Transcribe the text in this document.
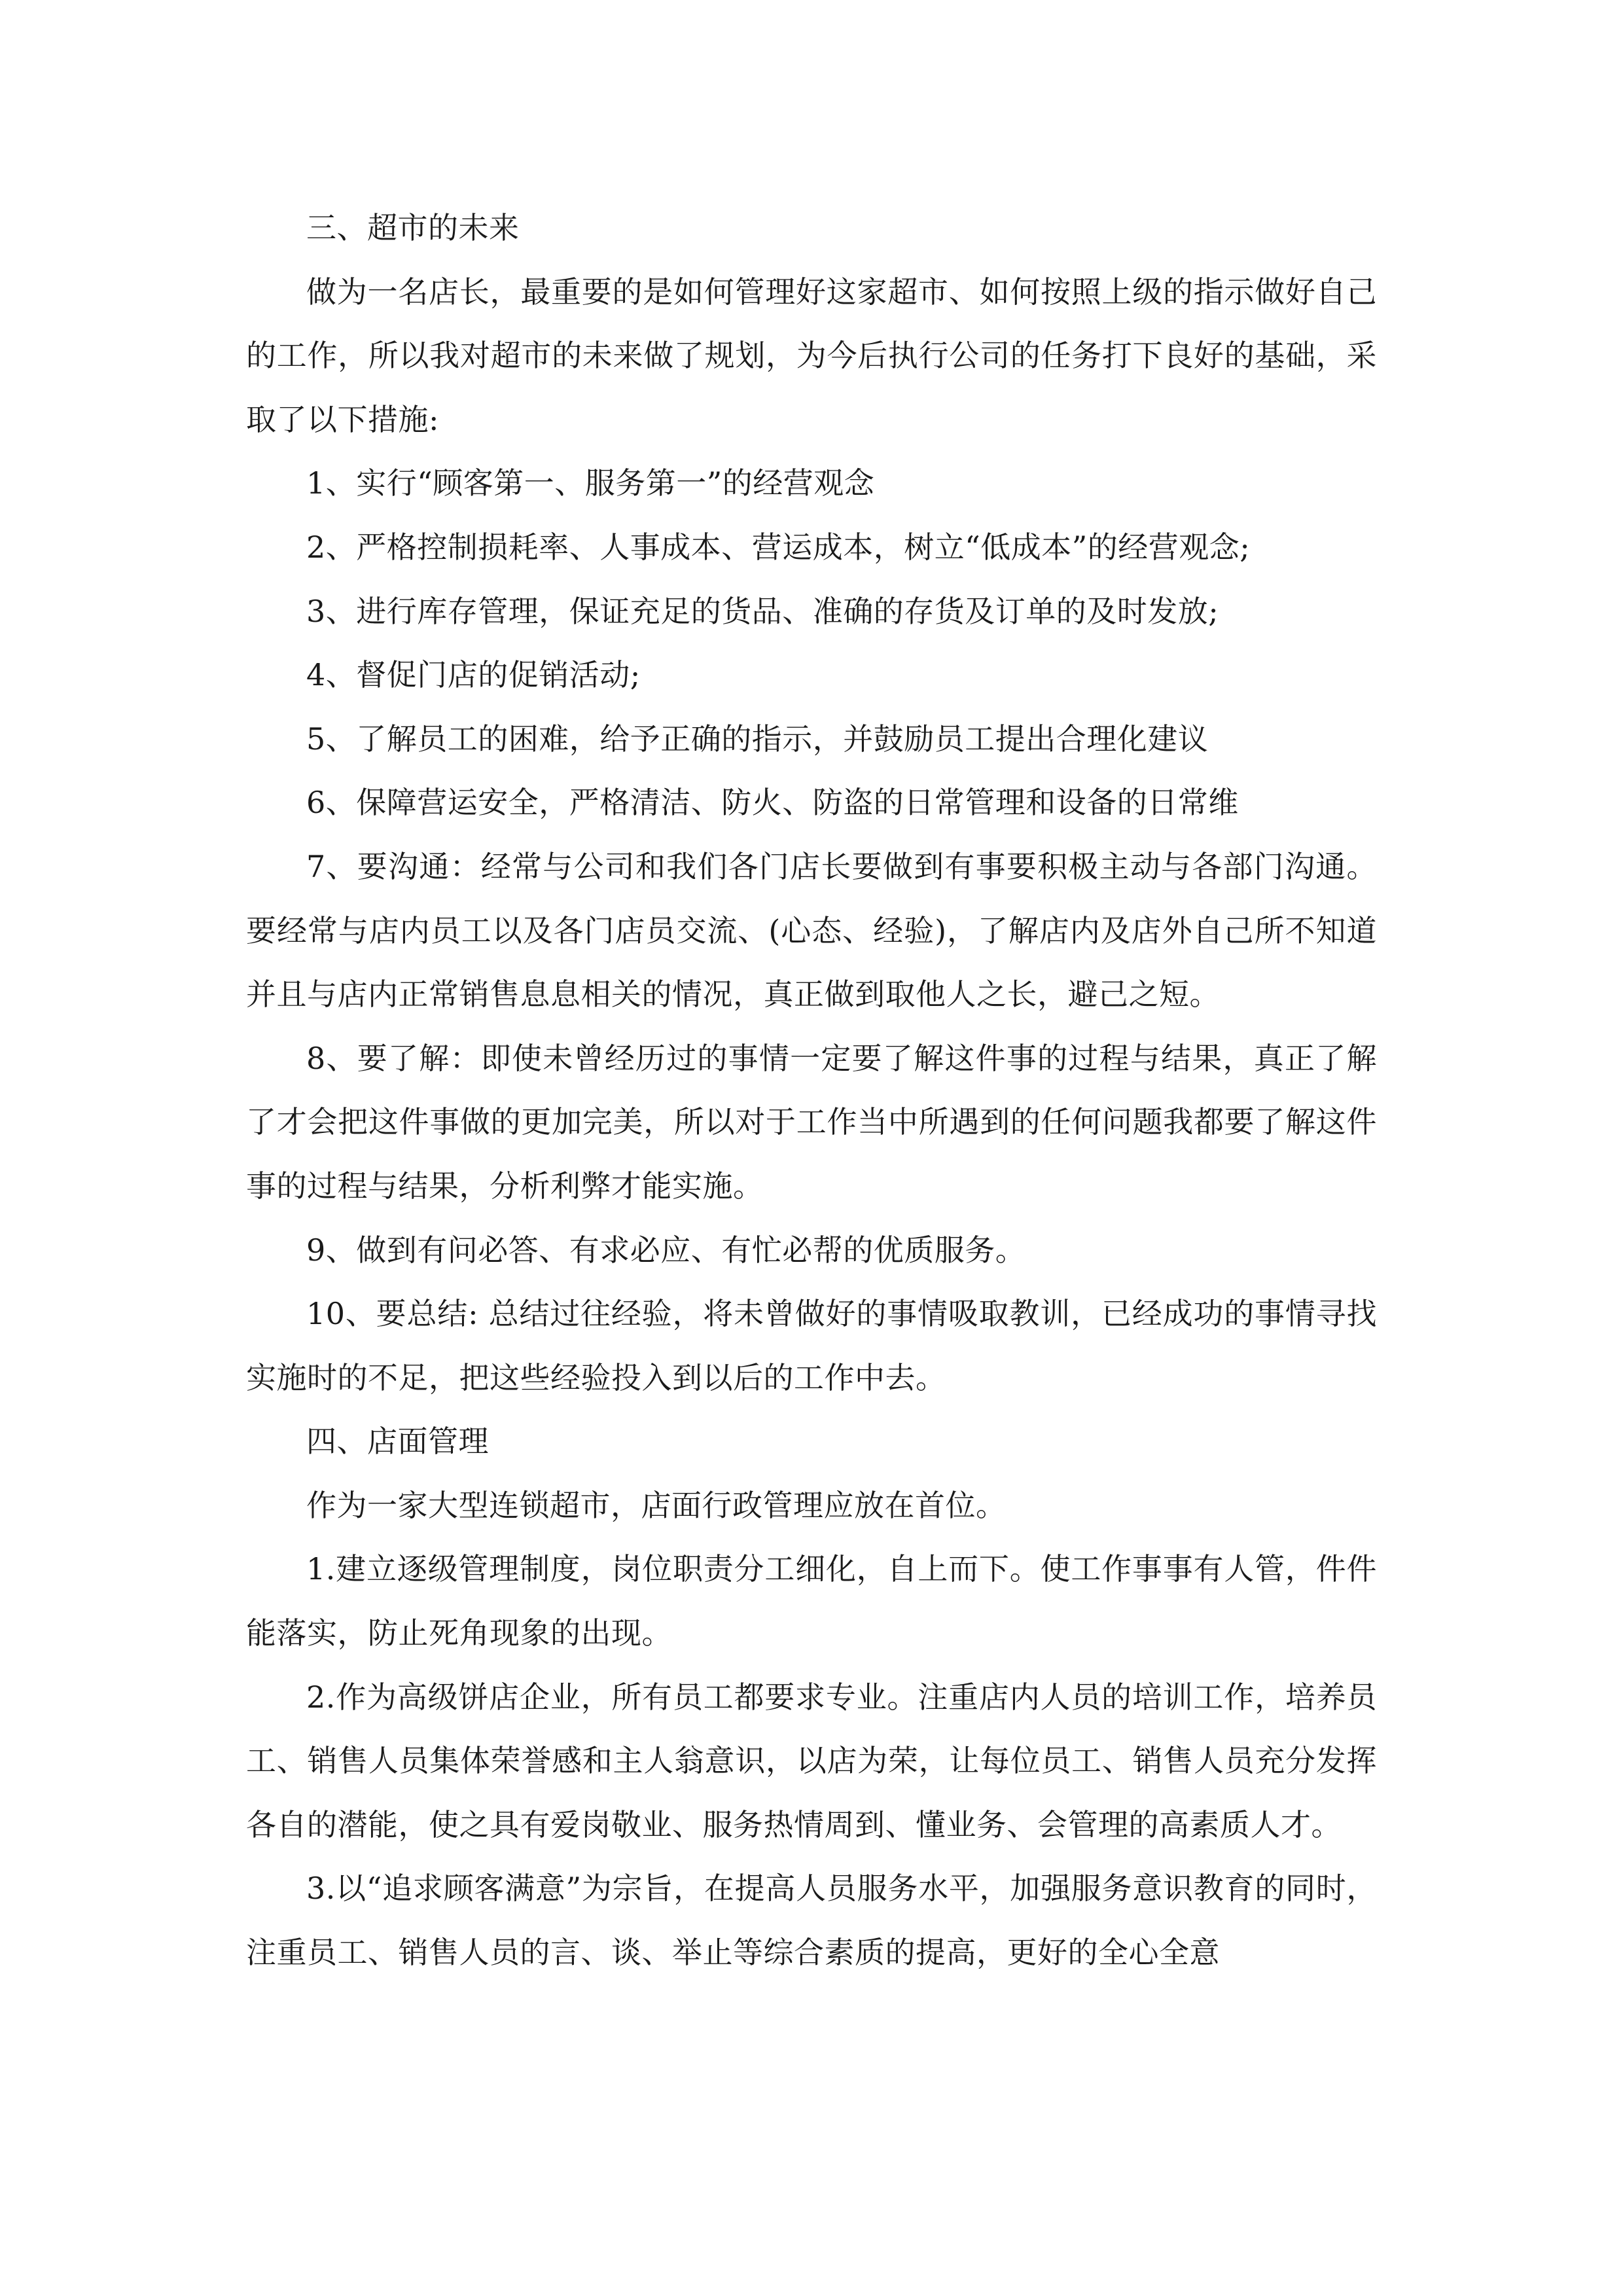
三、超市的未来

做为一名店长，最重要的是如何管理好这家超市、如何按照上级的指示做好自己的工作，所以我对超市的未来做了规划，为今后执行公司的任务打下良好的基础，采取了以下措施:

1、实行“顾客第一、服务第一”的经营观念

2、严格控制损耗率、人事成本、营运成本，树立“低成本”的经营观念;

3、进行库存管理，保证充足的货品、准确的存货及订单的及时发放;

4、督促门店的促销活动;

5、了解员工的困难，给予正确的指示，并鼓励员工提出合理化建议

6、保障营运安全，严格清洁、防火、防盗的日常管理和设备的日常维

7、要沟通：经常与公司和我们各门店长要做到有事要积极主动与各部门沟通。要经常与店内员工以及各门店员交流、(心态、经验)，了解店内及店外自己所不知道并且与店内正常销售息息相关的情况，真正做到取他人之长，避己之短。

8、要了解：即使未曾经历过的事情一定要了解这件事的过程与结果，真正了解了才会把这件事做的更加完美，所以对于工作当中所遇到的任何问题我都要了解这件事的过程与结果，分析利弊才能实施。

9、做到有问必答、有求必应、有忙必帮的优质服务。

10、要总结: 总结过往经验，将未曾做好的事情吸取教训，已经成功的事情寻找实施时的不足，把这些经验投入到以后的工作中去。

四、店面管理

作为一家大型连锁超市，店面行政管理应放在首位。

1.建立逐级管理制度，岗位职责分工细化，自上而下。使工作事事有人管，件件能落实，防止死角现象的出现。

2.作为高级饼店企业，所有员工都要求专业。注重店内人员的培训工作，培养员工、销售人员集体荣誉感和主人翁意识，以店为荣，让每位员工、销售人员充分发挥各自的潜能，使之具有爱岗敬业、服务热情周到、懂业务、会管理的高素质人才。

3.以“追求顾客满意”为宗旨，在提高人员服务水平，加强服务意识教育的同时，注重员工、销售人员的言、谈、举止等综合素质的提高，更好的全心全意
